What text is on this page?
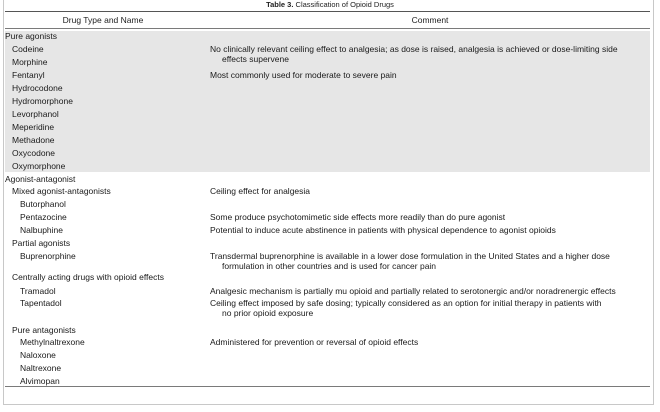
Table 3. Classification of Opioid Drugs
Drug Type and Name	Comment
Pure agonists
Codeine	No clinically relevant ceiling effect to analgesia; as dose is raised, analgesia is achieved or dose-limiting side
effects supervene
Morphine
Fentanyl	Most commonly used for moderate to severe pain
Hydrocodone
Hydromorphone
Levorphanol
Meperidine
Methadone
Oxycodone
Oxymorphone
Agonist-antagonist
Mixed agonist-antagonists	Ceiling effect for analgesia
Butorphanol
Pentazocine	Some produce psychotomimetic side effects more readily than do pure agonist
Nalbuphine	Potential to induce acute abstinence in patients with physical dependence to agonist opioids
Partial agonists
Buprenorphine	Transdermal buprenorphine is available in a lower dose formulation in the United States and a higher dose
formulation in other countries and is used for cancer pain
Centrally acting drugs with opioid effects
Tramadol	Analgesic mechanism is partially mu opioid and partially related to serotonergic and/or noradrenergic effects
Tapentadol	Ceiling effect imposed by safe dosing; typically considered as an option for initial therapy in patients with
no prior opioid exposure
Pure antagonists
Methylnaltrexone	Administered for prevention or reversal of opioid effects
Naloxone
Naltrexone
Alvimopan
